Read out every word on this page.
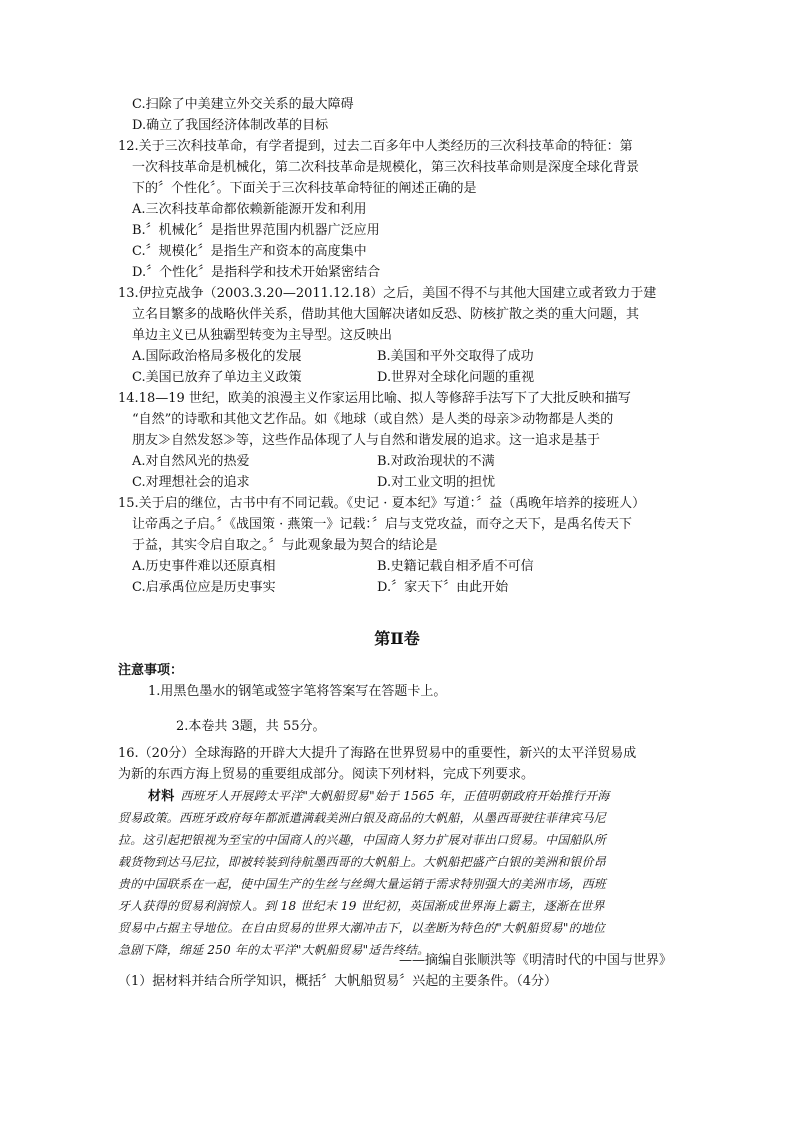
C.扫除了中美建立外交关系的最大障碍
D.确立了我国经济体制改革的目标
12.关于三次科技革命，有学者提到，过去二百多年中人类经历的三次科技革命的特征：第
一次科技革命是机械化，第二次科技革命是规模化，第三次科技革命则是深度全球化背景
下的〞个性化〞。下面关于三次科技革命特征的阐述正确的是
A.三次科技革命都依赖新能源开发和利用
B.〞机械化〞是指世界范围内机器广泛应用
C.〞规模化〞是指生产和资本的高度集中
D.〞个性化〞是指科学和技术开始紧密结合
13.伊拉克战争（2003.3.20—2011.12.18）之后，美国不得不与其他大国建立或者致力于建
立名目繁多的战略伙伴关系，借助其他大国解决诸如反恐、防核扩散之类的重大问题，其
单边主义已从独霸型转变为主导型。这反映出
A.国际政治格局多极化的发展	B.美国和平外交取得了成功
C.美国已放弃了单边主义政策	D.世界对全球化问题的重视
14.18—19 世纪，欧美的浪漫主义作家运用比喻、拟人等修辞手法写下了大批反映和描写
“自然”的诗歌和其他文艺作品。如《地球（或自然）是人类的母亲≫动物都是人类的
朋友≫自然发怒≫等，这些作品体现了人与自然和谐发展的追求。这一追求是基于
A.对自然风光的热爱	B.对政治现状的不满
C.对理想社会的追求	D.对工业文明的担忧
15.关于启的继位，古书中有不同记载。《史记 · 夏本纪》写道：〞益（禹晚年培养的接班人）
让帝禹之子启。〞《战国策 · 燕策一》记载：〞启与支党攻益，而夺之天下，是禹名传天下
于益，其实令启自取之。〞与此观象最为契合的结论是
A.历史事件难以还原真相	B.史籍记载自相矛盾不可信
C.启承禹位应是历史事实	D.〞家天下〞由此开始
第Ⅱ卷
注意事项：
1.用黑色墨水的钢笔或签字笔将答案写在答题卡上。
2.本卷共 3题，共 55分。
16.（20分）全球海路的开辟大大提升了海路在世界贸易中的重要性，新兴的太平洋贸易成
为新的东西方海上贸易的重要组成部分。阅读下列材料，完成下列要求。
材料 西班牙人开展跨太平洋"大帆船贸易"始于 1565 年，正值明朝政府开始推行开海
贸易政策。西班牙政府每年都派遣满载美洲白银及商品的大帆船，从墨西哥驶往菲律宾马尼
拉。这引起把银视为至宝的中国商人的兴趣，中国商人努力扩展对菲出口贸易。中国船队所
载货物到达马尼拉，即被转装到待航墨西哥的大帆船上。大帆船把盛产白银的美洲和银价昂
贵的中国联系在一起，使中国生产的生丝与丝绸大量运销于需求特别强大的美洲市场，西班
牙人获得的贸易利润惊人。到 18 世纪末 19 世纪初，英国渐成世界海上霸主，逐渐在世界
贸易中占据主导地位。在自由贸易的世界大潮冲击下，以垄断为特色的"大帆船贸易"的地位
急剧下降，绵延 250 年的太平洋"大帆船贸易"适告终结。
——摘编自张顺洪等《明清时代的中国与世界》
（1）据材料并结合所学知识，概括〞大帆船贸易〞兴起的主要条件。（4分）
